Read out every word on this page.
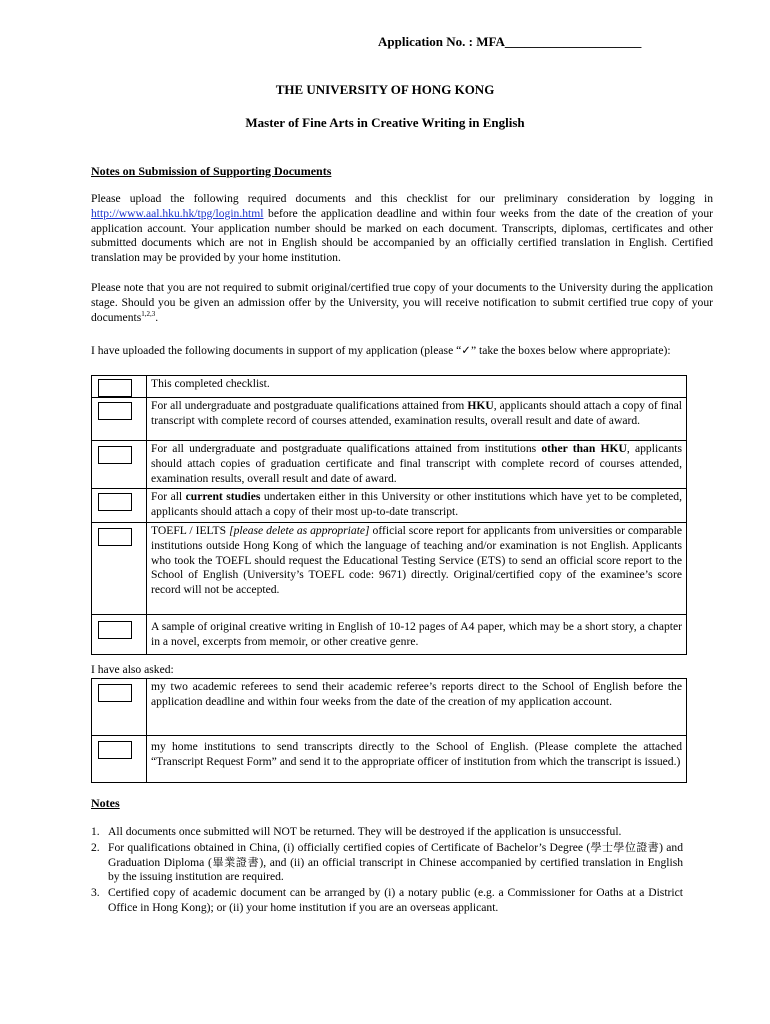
Application No. : MFA_____________________
THE UNIVERSITY OF HONG KONG
Master of Fine Arts in Creative Writing in English
Notes on Submission of Supporting Documents
Please upload the following required documents and this checklist for our preliminary consideration by logging in http://www.aal.hku.hk/tpg/login.html before the application deadline and within four weeks from the date of the creation of your application account. Your application number should be marked on each document. Transcripts, diplomas, certificates and other submitted documents which are not in English should be accompanied by an officially certified translation in English. Certified translation may be provided by your home institution.
Please note that you are not required to submit original/certified true copy of your documents to the University during the application stage. Should you be given an admission offer by the University, you will receive notification to submit certified true copy of your documents$^{1,2,3}$.
I have uploaded the following documents in support of my application (please “✓” take the boxes below where appropriate):
	This completed checklist.

	For all undergraduate and postgraduate qualifications attained from HKU, applicants should attach a copy of final transcript with complete record of courses attended, examination results, overall result and date of award.

	For all undergraduate and postgraduate qualifications attained from institutions other than HKU, applicants should attach copies of graduation certificate and final transcript with complete record of courses attended, examination results, overall result and date of award.

	For all current studies undertaken either in this University or other institutions which have yet to be completed, applicants should attach a copy of their most up-to-date transcript.

	TOEFL / IELTS [please delete as appropriate] official score report for applicants from universities or comparable institutions outside Hong Kong of which the language of teaching and/or examination is not English. Applicants who took the TOEFL should request the Educational Testing Service (ETS) to send an official score report to the School of English (University’s TOEFL code: 9671) directly. Original/certified copy of the examinee’s score record will not be accepted.

	A sample of original creative writing in English of 10-12 pages of A4 paper, which may be a short story, a chapter in a novel, excerpts from memoir, or other creative genre.
I have also asked:
	my two academic referees to send their academic referee’s reports direct to the School of English before the application deadline and within four weeks from the date of the creation of my application account.

	my home institutions to send transcripts directly to the School of English. (Please complete the attached “Transcript Request Form” and send it to the appropriate officer of institution from which the transcript is issued.)
Notes
1. All documents once submitted will NOT be returned. They will be destroyed if the application is unsuccessful.
2. For qualifications obtained in China, (i) officially certified copies of Certificate of Bachelor’s Degree (學士學位證書) and Graduation Diploma (畢業證書), and (ii) an official transcript in Chinese accompanied by certified translation in English by the issuing institution are required.
3. Certified copy of academic document can be arranged by (i) a notary public (e.g. a Commissioner for Oaths at a District Office in Hong Kong); or (ii) your home institution if you are an overseas applicant.
